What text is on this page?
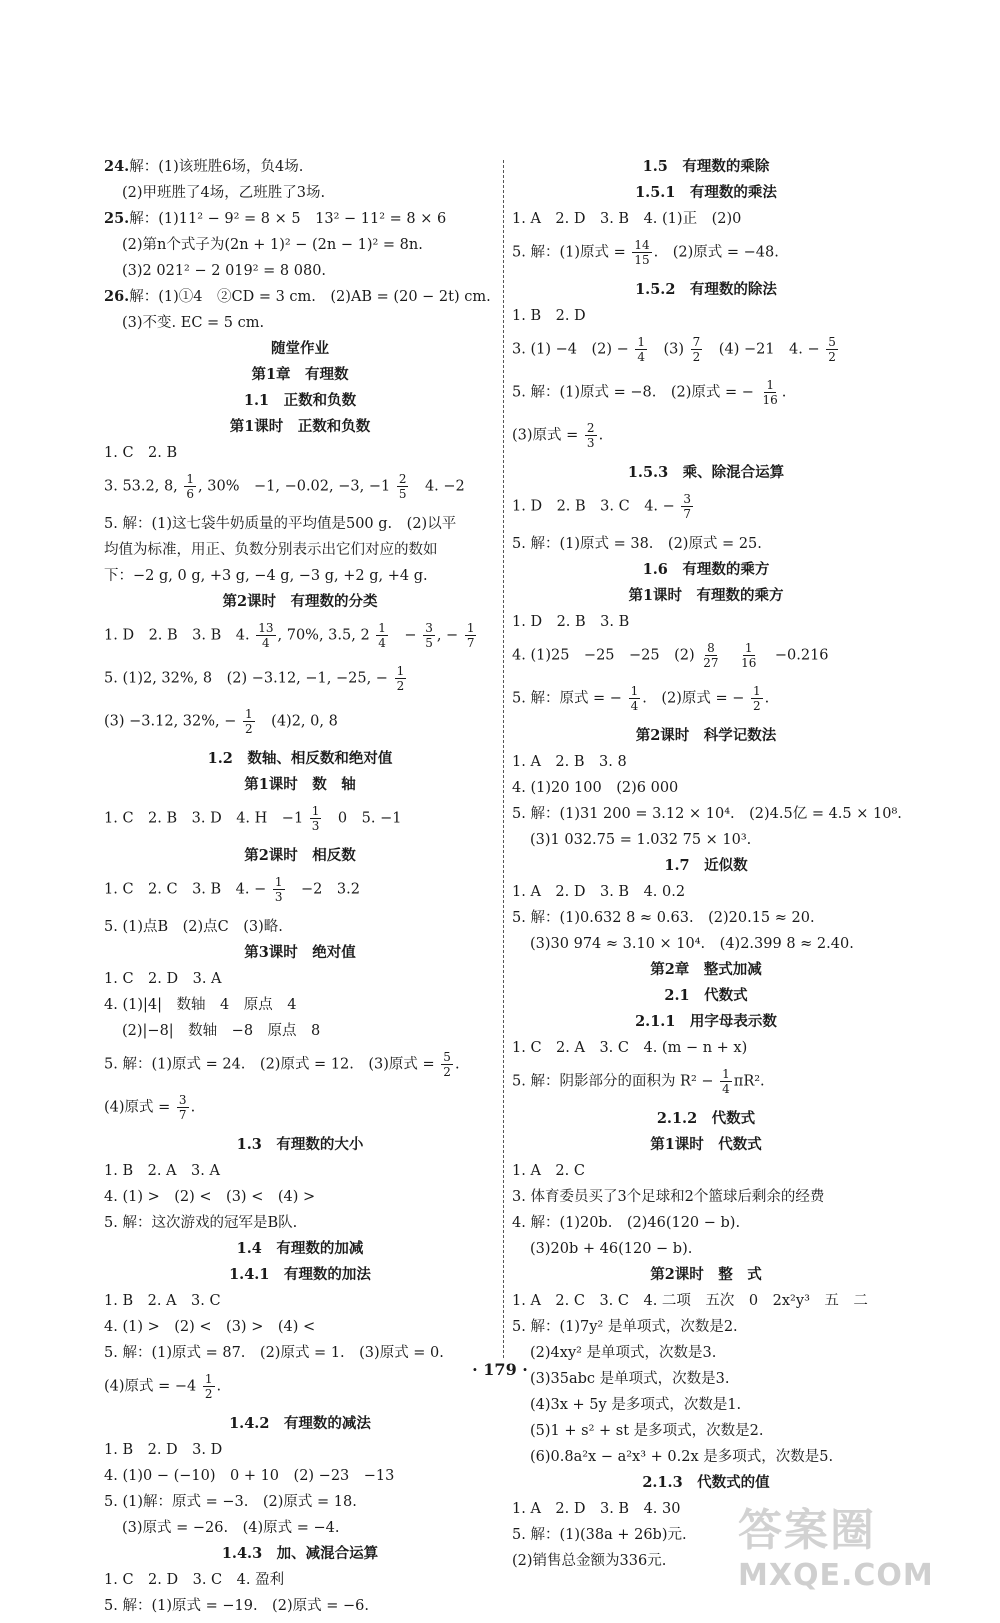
24.解：(1)该班胜6场，负4场.
(2)甲班胜了4场，乙班胜了3场.
25.解：(1)11² − 9² = 8 × 5　13² − 11² = 8 × 6
(2)第n个式子为(2n + 1)² − (2n − 1)² = 8n.
(3)2 021² − 2 019² = 8 080.
26.解：(1)①4　②CD = 3 cm.　(2)AB = (20 − 2t) cm.
(3)不变. EC = 5 cm.
随堂作业
第1章　有理数
1.1　正数和负数
第1课时　正数和负数
1. C　2. B
3. 53.2, 8, $\frac{1}{6}$ , 30%　−1, −0.02, −3, $-1 \frac{2}{5}$ 　4. −2
5. 解：(1)这七袋牛奶质量的平均值是500 g.　(2)以平
均值为标准，用正、负数分别表示出它们对应的数如
下：−2 g, 0 g, +3 g, −4 g, −3 g, +2 g, +4 g.
第2课时　有理数的分类
1. D　2. B　3. B　4. $\frac{13}{4}$ , 70%, 3.5, $2 \frac{1}{4}$ 　− $\frac{3}{5}$ , − $\frac{1}{7}$
5. (1)2, 32%, 8　(2) −3.12, −1, −25, − $\frac{1}{2}$
(3) −3.12, 32%, − $\frac{1}{2}$ 　(4)2, 0, 8
1.2　数轴、相反数和绝对值
第1课时　数　轴
1. C　2. B　3. D　4. H　$-1 \frac{1}{3}$ 　0　5. −1
第2课时　相反数
1. C　2. C　3. B　4. − $\frac{1}{3}$ 　−2　3.2
5. (1)点B　(2)点C　(3)略.
第3课时　绝对值
1. C　2. D　3. A
4. (1)|4|　数轴　4　原点　4
(2)|−8|　数轴　−8　原点　8
5. 解：(1)原式 = 24.　(2)原式 = 12.　(3)原式 = $\frac{5}{2}$ .
(4)原式 = $\frac{3}{7}$ .
1.3　有理数的大小
1. B　2. A　3. A
4. (1) >　(2) <　(3) <　(4) >
5. 解：这次游戏的冠军是B队.
1.4　有理数的加减
1.4.1　有理数的加法
1. B　2. A　3. C
4. (1) >　(2) <　(3) >　(4) <
5. 解：(1)原式 = 87.　(2)原式 = 1.　(3)原式 = 0.
(4)原式 = $-4 \frac{1}{2}$ .
1.4.2　有理数的减法
1. B　2. D　3. D
4. (1)0 − (−10)　0 + 10　(2) −23　−13
5. (1)解：原式 = −3.　(2)原式 = 18.
(3)原式 = −26.　(4)原式 = −4.
1.4.3　加、减混合运算
1. C　2. D　3. C　4. 盈利
5. 解：(1)原式 = −19.　(2)原式 = −6.
1.5　有理数的乘除
1.5.1　有理数的乘法
1. A　2. D　3. B　4. (1)正　(2)0
5. 解：(1)原式 = $\frac{14}{15}$ .　(2)原式 = −48.
1.5.2　有理数的除法
1. B　2. D
3. (1) −4　$(2) - \frac{1}{4}$ 　$(3) \frac{7}{2}$ 　(4) −21　4. − $\frac{5}{2}$
5. 解：(1)原式 = −8.　(2)原式 = − $\frac{1}{16}$ .
(3)原式 = $\frac{2}{3}$ .
1.5.3　乘、除混合运算
1. D　2. B　3. C　4. − $\frac{3}{7}$
5. 解：(1)原式 = 38.　(2)原式 = 25.
1.6　有理数的乘方
第1课时　有理数的乘方
1. D　2. B　3. B
4. (1)25　−25　−25　$(2) \frac{8}{27}$
　 $\frac{1}{16}$ 　−0.216
5. 解：原式 = − $\frac{1}{4}$ .　(2)原式 = − $\frac{1}{2}$ .
第2课时　科学记数法
1. A　2. B　3. 8
4. (1)20 100　(2)6 000
5. 解：(1)31 200 = 3.12 × 10⁴.　(2)4.5亿 = 4.5 × 10⁸.
(3)1 032.75 = 1.032 75 × 10³.
1.7　近似数
1. A　2. D　3. B　4. 0.2
5. 解：(1)0.632 8 ≈ 0.63.　(2)20.15 ≈ 20.
(3)30 974 ≈ 3.10 × 10⁴.　(4)2.399 8 ≈ 2.40.
第2章　整式加减
2.1　代数式
2.1.1　用字母表示数
1. C　2. A　3. C　4. (m − n + x)
5. 解：阴影部分的面积为 $R^2 - \frac{1}{4} \pi R^2$.
2.1.2　代数式
第1课时　代数式
1. A　2. C
3. 体育委员买了3个足球和2个篮球后剩余的经费
4. 解：(1)20b.　(2)46(120 − b).
(3)20b + 46(120 − b).
第2课时　整　式
1. A　2. C　3. C　4. 二项　五次　0　2x²y³　五　二
5. 解：(1)7y² 是单项式，次数是2.
(2)4xy² 是单项式，次数是3.
(3)35abc 是单项式，次数是3.
(4)3x + 5y 是多项式，次数是1.
(5)1 + s² + st 是多项式，次数是2.
(6)0.8a²x − a²x³ + 0.2x 是多项式，次数是5.
2.1.3　代数式的值
1. A　2. D　3. B　4. 30
5. 解：(1)(38a + 26b)元.
(2)销售总金额为336元.
· 179 ·
答案圈
MXQE.COM
